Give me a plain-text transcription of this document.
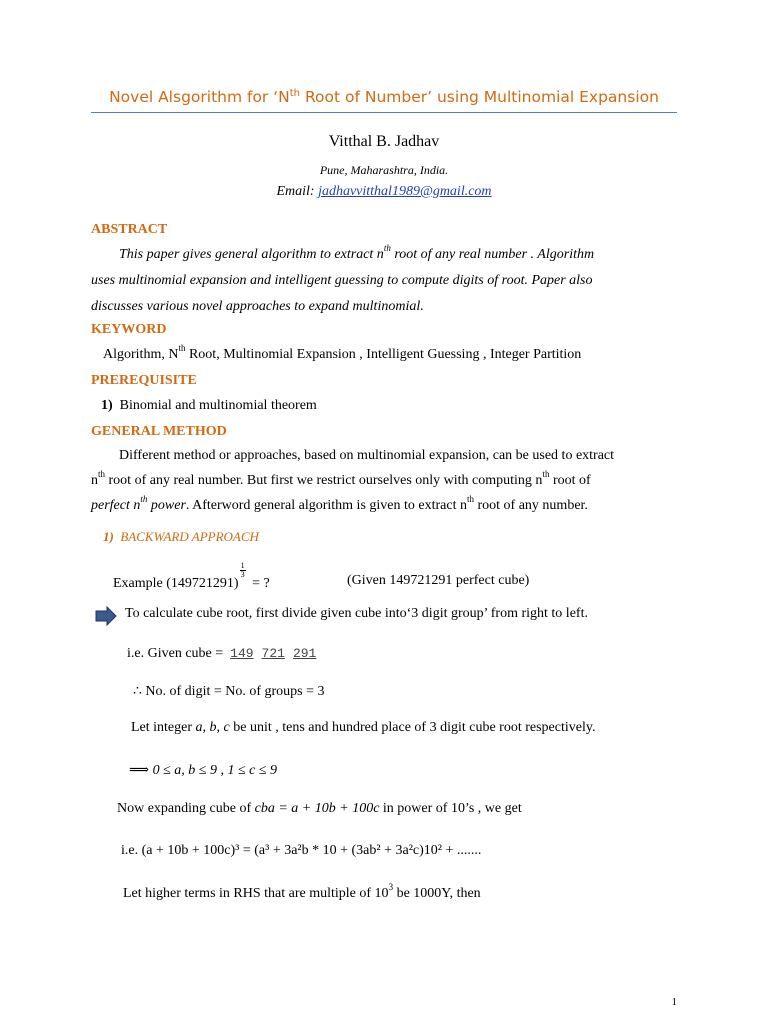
Novel Alsgorithm for ‘$N^{th}$ Root of Number’ using Multinomial Expansion
Vitthal B. Jadhav
Pune, Maharashtra, India.
Email: jadhavvitthal1989@gmail.com
ABSTRACT
This paper gives general algorithm to extract $n^{th}$ root of any real number . Algorithm
uses multinomial expansion and intelligent guessing to compute digits of root. Paper also
discusses various novel approaches to expand multinomial.
KEYWORD
Algorithm, $N^{th}$ Root, Multinomial Expansion , Intelligent Guessing , Integer Partition
PREREQUISITE
1) Binomial and multinomial theorem
GENERAL METHOD
Different method or approaches, based on multinomial expansion, can be used to extract
$n^{th}$ root of any real number. But first we restrict ourselves only with computing $n^{th}$ root of
perfect $n^{th}$ power. Afterword general algorithm is given to extract $n^{th}$ root of any number.
1) BACKWARD APPROACH
Example $(149721291) \frac{1}{3}$ = ?	(Given 149721291 perfect cube)
To calculate cube root, first divide given cube into‘3 digit group’ from right to left.
i.e. Given cube =  149 721 291
∴ No. of digit = No. of groups = 3
Let integer a, b, c be unit , tens and hundred place of 3 digit cube root respectively.
⟹ 0 ≤ a, b ≤ 9 , 1 ≤ c ≤ 9
Now expanding cube of cba = a + 10b + 100c in power of 10’s , we get
i.e. (a + 10b + 100c)³ = (a³ + 3a²b * 10 + (3ab² + 3a²c)10² + .......
Let higher terms in RHS that are multiple of $10^3$ be 1000Y, then
1
